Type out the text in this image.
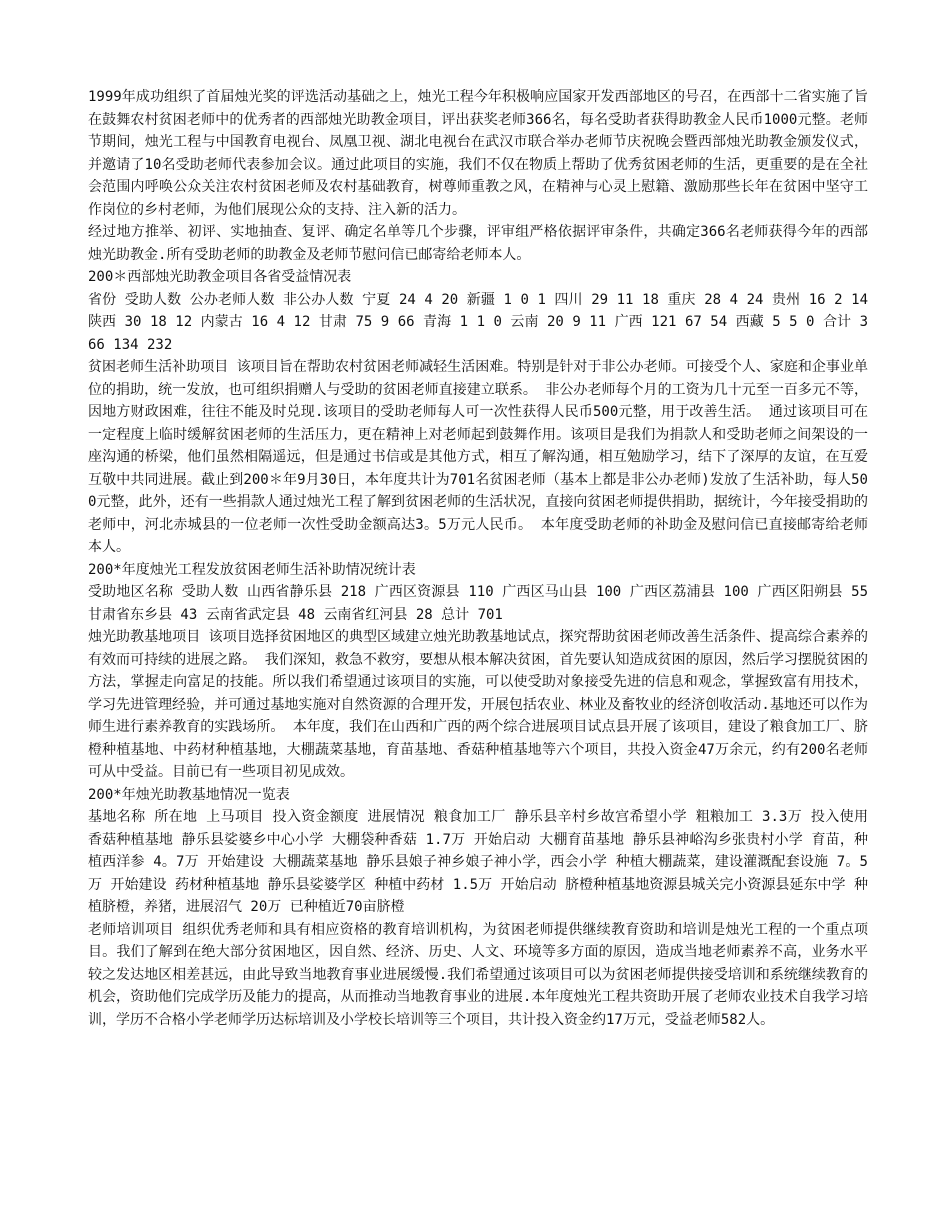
1999年成功组织了首届烛光奖的评选活动基础之上，烛光工程今年积极响应国家开发西部地区的号召，在西部十二省实施了旨在鼓舞农村贫困老师中的优秀者的西部烛光助教金项目，评出获奖老师366名，每名受助者获得助教金人民币1000元整。老师节期间，烛光工程与中国教育电视台、凤凰卫视、湖北电视台在武汉市联合举办老师节庆祝晚会暨西部烛光助教金颁发仪式，并邀请了10名受助老师代表参加会议。通过此项目的实施，我们不仅在物质上帮助了优秀贫困老师的生活，更重要的是在全社会范围内呼唤公众关注农村贫困老师及农村基础教育，树尊师重教之风，在精神与心灵上慰籍、激励那些长年在贫困中坚守工作岗位的乡村老师，为他们展现公众的支持、注入新的活力。

经过地方推举、初评、实地抽查、复评、确定名单等几个步骤，评审组严格依据评审条件，共确定366名老师获得今年的西部烛光助教金.所有受助老师的助教金及老师节慰问信已邮寄给老师本人。

200＊西部烛光助教金项目各省受益情况表

省份 受助人数 公办老师人数 非公办人数 宁夏 24 4 20 新疆 1 0 1 四川 29 11 18 重庆 28 4 24 贵州 16 2 14 陕西 30 18 12 内蒙古 16 4 12 甘肃 75 9 66 青海 1 1 0 云南 20 9 11 广西 121 67 54 西藏 5 5 0 合计 366 134 232

贫困老师生活补助项目 该项目旨在帮助农村贫困老师减轻生活困难。特别是针对于非公办老师。可接受个人、家庭和企事业单位的捐助，统一发放，也可组织捐赠人与受助的贫困老师直接建立联系。 非公办老师每个月的工资为几十元至一百多元不等，因地方财政困难，往往不能及时兑现.该项目的受助老师每人可一次性获得人民币500元整，用于改善生活。 通过该项目可在一定程度上临时缓解贫困老师的生活压力，更在精神上对老师起到鼓舞作用。该项目是我们为捐款人和受助老师之间架设的一座沟通的桥梁，他们虽然相隔遥远，但是通过书信或是其他方式，相互了解沟通，相互勉励学习，结下了深厚的友谊，在互爱互敬中共同进展。截止到200＊年9月30日，本年度共计为701名贫困老师（基本上都是非公办老师)发放了生活补助，每人500元整，此外，还有一些捐款人通过烛光工程了解到贫困老师的生活状况，直接向贫困老师提供捐助，据统计，今年接受捐助的老师中，河北赤城县的一位老师一次性受助金额高达3。5万元人民币。 本年度受助老师的补助金及慰问信已直接邮寄给老师本人。

200*年度烛光工程发放贫困老师生活补助情况统计表

受助地区名称 受助人数 山西省静乐县 218 广西区资源县 110 广西区马山县 100 广西区荔浦县 100 广西区阳朔县 55 甘肃省东乡县 43 云南省武定县 48 云南省红河县 28 总计 701

烛光助教基地项目 该项目选择贫困地区的典型区域建立烛光助教基地试点，探究帮助贫困老师改善生活条件、提高综合素养的有效而可持续的进展之路。 我们深知，救急不救穷，要想从根本解决贫困，首先要认知造成贫困的原因，然后学习摆脱贫困的方法，掌握走向富足的技能。所以我们希望通过该项目的实施，可以使受助对象接受先进的信息和观念，掌握致富有用技术，学习先进管理经验，并可通过基地实施对自然资源的合理开发，开展包括农业、林业及畜牧业的经济创收活动.基地还可以作为师生进行素养教育的实践场所。 本年度，我们在山西和广西的两个综合进展项目试点县开展了该项目，建设了粮食加工厂、脐橙种植基地、中药材种植基地，大棚蔬菜基地，育苗基地、香菇种植基地等六个项目，共投入资金47万余元，约有200名老师可从中受益。目前已有一些项目初见成效。

200*年烛光助教基地情况一览表

基地名称 所在地 上马项目 投入资金额度 进展情况 粮食加工厂 静乐县辛村乡故宫希望小学 粗粮加工 3.3万 投入使用 香菇种植基地 静乐县娑婆乡中心小学 大棚袋种香菇 1.7万 开始启动 大棚育苗基地 静乐县神峪沟乡张贵村小学 育苗，种植西洋参 4。7万 开始建设 大棚蔬菜基地 静乐县娘子神乡娘子神小学，西会小学 种植大棚蔬菜，建设灌溉配套设施 7。5万 开始建设 药材种植基地 静乐县娑婆学区 种植中药材 1.5万 开始启动 脐橙种植基地资源县城关完小资源县延东中学 种植脐橙，养猪，进展沼气 20万 已种植近70亩脐橙

老师培训项目 组织优秀老师和具有相应资格的教育培训机构，为贫困老师提供继续教育资助和培训是烛光工程的一个重点项目。我们了解到在绝大部分贫困地区，因自然、经济、历史、人文、环境等多方面的原因，造成当地老师素养不高，业务水平较之发达地区相差甚远，由此导致当地教育事业进展缓慢.我们希望通过该项目可以为贫困老师提供接受培训和系统继续教育的机会，资助他们完成学历及能力的提高，从而推动当地教育事业的进展.本年度烛光工程共资助开展了老师农业技术自我学习培训，学历不合格小学老师学历达标培训及小学校长培训等三个项目，共计投入资金约17万元，受益老师582人。
